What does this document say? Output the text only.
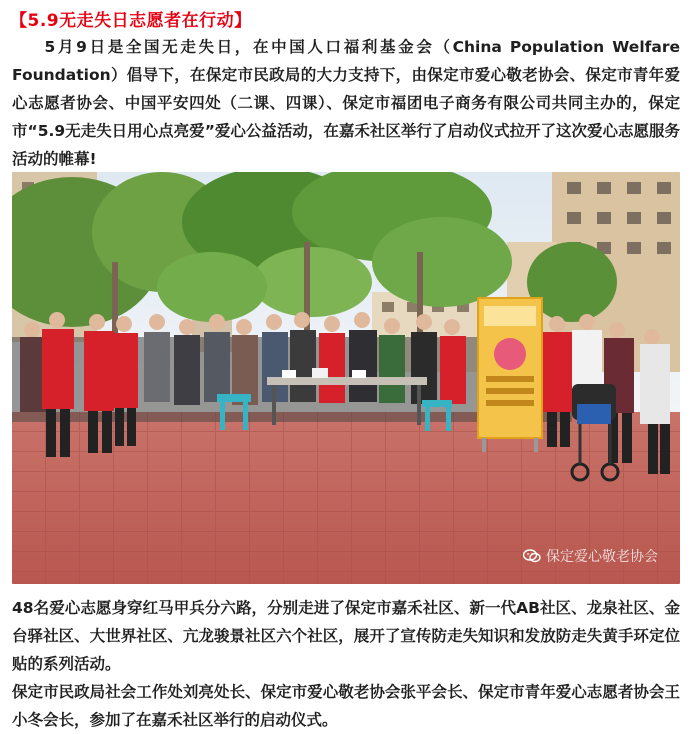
【5.9无走失日志愿者在行动】
5月9日是全国无走失日，在中国人口福利基金会（China Population Welfare Foundation）倡导下，在保定市民政局的大力支持下，由保定市爱心敬老协会、保定市青年爱心志愿者协会、中国平安四处（二课、四课）、保定市福团电子商务有限公司共同主办的，保定市“5.9无走失日用心点亮爱”爱心公益活动，在嘉禾社区举行了启动仪式拉开了这次爱心志愿服务活动的帷幕!
保定爱心敬老协会
48名爱心志愿身穿红马甲兵分六路，分别走进了保定市嘉禾社区、新一代AB社区、龙泉社区、金台驿社区、大世界社区、亢龙骏景社区六个社区，展开了宣传防走失知识和发放防走失黄手环定位贴的系列活动。
保定市民政局社会工作处刘亮处长、保定市爱心敬老协会张平会长、保定市青年爱心志愿者协会王小冬会长，参加了在嘉禾社区举行的启动仪式。
